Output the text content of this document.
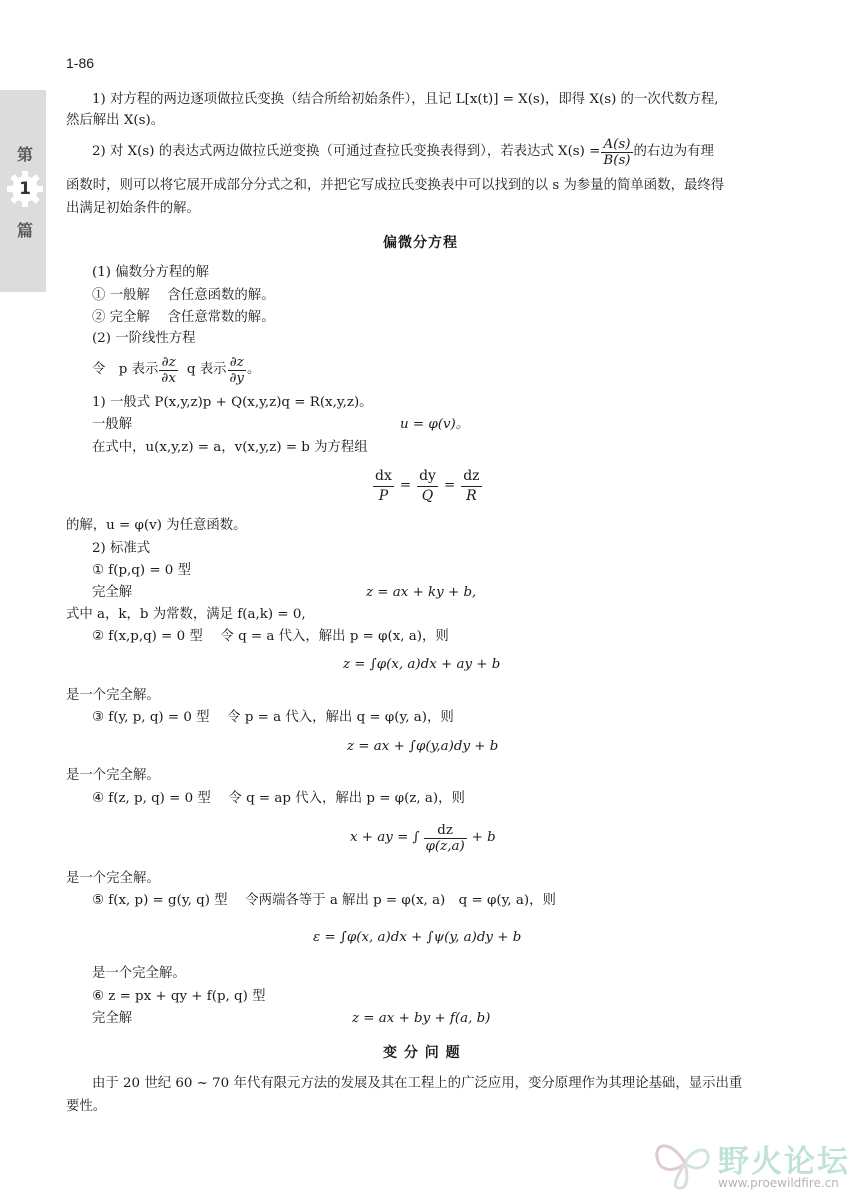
1-86
第
1
篇
1) 对方程的两边逐项做拉氏变换（结合所给初始条件），且记 L[x(t)] = X(s)，即得 X(s) 的一次代数方程,
然后解出 X(s)。
2) 对 X(s) 的表达式两边做拉氏逆变换（可通过查拉氏变换表得到），若表达式 $X(s) = \frac{A(s)}{B(s)}$ 的右边为有理
函数时，则可以将它展开成部分分式之和，并把它写成拉氏变换表中可以找到的以 s 为参量的简单函数，最终得
出满足初始条件的解。
偏微分方程
(1) 偏数分方程的解
① 一般解　 含任意函数的解。
② 完全解　 含任意常数的解。
(2) 一阶线性方程
令　p 表示 $\frac{\partial z}{\partial x}$ q 表示 $\frac{\partial z}{\partial y}$ 。
1) 一般式 P(x,y,z)p + Q(x,y,z)q = R(x,y,z)。
一般解	u = φ(v)。
在式中，u(x,y,z) = a，v(x,y,z) = b 为方程组
$\frac{dx}{P} = \frac{dy}{Q} = \frac{dz}{R}$
的解，u = φ(v) 为任意函数。
2) 标准式
① f(p,q) = 0 型
完全解	z = ax + ky + b,
式中 a，k，b 为常数，满足 f(a,k) = 0,
② f(x,p,q) = 0 型　 令 q = a 代入，解出 p = φ(x, a)，则
z = ∫φ(x, a)dx + ay + b
是一个完全解。
③ f(y, p, q) = 0 型　 令 p = a 代入，解出 q = φ(y, a)，则
z = ax + ∫φ(y,a)dy + b
是一个完全解。
④ f(z, p, q) = 0 型　 令 q = ap 代入，解出 p = φ(z, a)，则
x + ay = ∫ $\frac{dz}{\varphi(z,a)} + b$
是一个完全解。
⑤ f(x, p) = g(y, q) 型　 令两端各等于 a 解出 p = φ(x, a)　q = φ(y, a)，则
ε = ∫φ(x, a)dx + ∫ψ(y, a)dy + b
是一个完全解。
⑥ z = px + qy + f(p, q) 型
完全解	z = ax + by + f(a, b)
变 分 问 题
由于 20 世纪 60 ~ 70 年代有限元方法的发展及其在工程上的广泛应用，变分原理作为其理论基础，显示出重
要性。
野火论坛
www.proewildfire.cn
